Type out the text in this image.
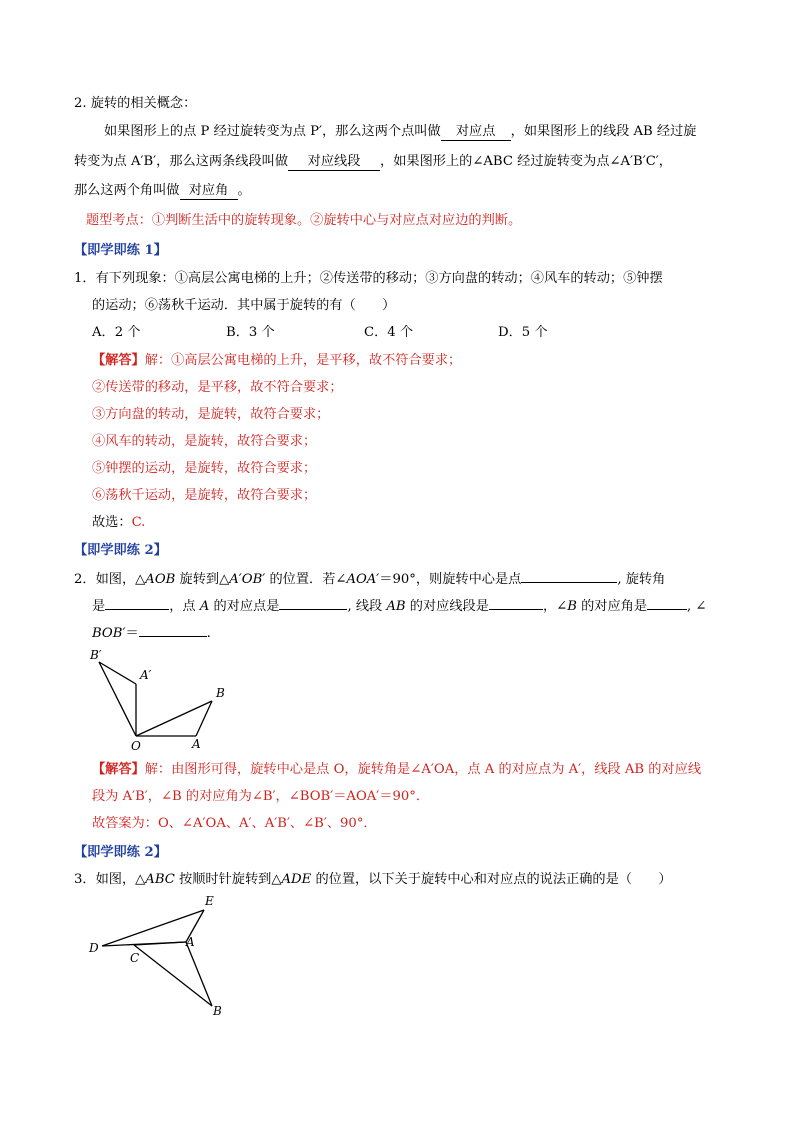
2. 旋转的相关概念：
如果图形上的点 P 经过旋转变为点 P′，那么这两个点叫做 对应点 ，如果图形上的线段 AB 经过旋
转变为点 A′B′，那么这两条线段叫做 对应线段 ，如果图形上的∠ABC 经过旋转变为点∠A′B′C′，
那么这两个角叫做 对应角 。
题型考点：①判断生活中的旋转现象。②旋转中心与对应点对应边的判断。
【即学即练 1】
1．有下列现象：①高层公寓电梯的上升；②传送带的移动；③方向盘的转动；④风车的转动；⑤钟摆
的运动；⑥荡秋千运动．其中属于旋转的有（　　）
A．2 个	B．3 个	C．4 个	D．5 个
【解答】解：①高层公寓电梯的上升，是平移，故不符合要求；
②传送带的移动，是平移，故不符合要求；
③方向盘的转动，是旋转，故符合要求；
④风车的转动，是旋转，故符合要求；
⑤钟摆的运动，是旋转，故符合要求；
⑥荡秋千运动，是旋转，故符合要求；
故选：C.
【即学即练 2】
2．如图，△AOB 旋转到△A′OB′ 的位置．若∠AOA′＝90°，则旋转中心是点	, 旋转角
是	，点 A 的对应点是	, 线段 AB 的对应线段是	，∠B 的对应角是	, ∠
BOB′＝	.
B′
A′
B
O	A
【解答】解：由图形可得，旋转中心是点 O，旋转角是∠A′OA，点 A 的对应点为 A′，线段 AB 的对应线
段为 A′B′，∠B 的对应角为∠B′，∠BOB′＝AOA′＝90°．
故答案为：O、∠A′OA、A′、A′B′、∠B′、90°．
【即学即练 2】
3．如图，△ABC 按顺时针旋转到△ADE 的位置，以下关于旋转中心和对应点的说法正确的是（　　）
E
D
C
A
B
